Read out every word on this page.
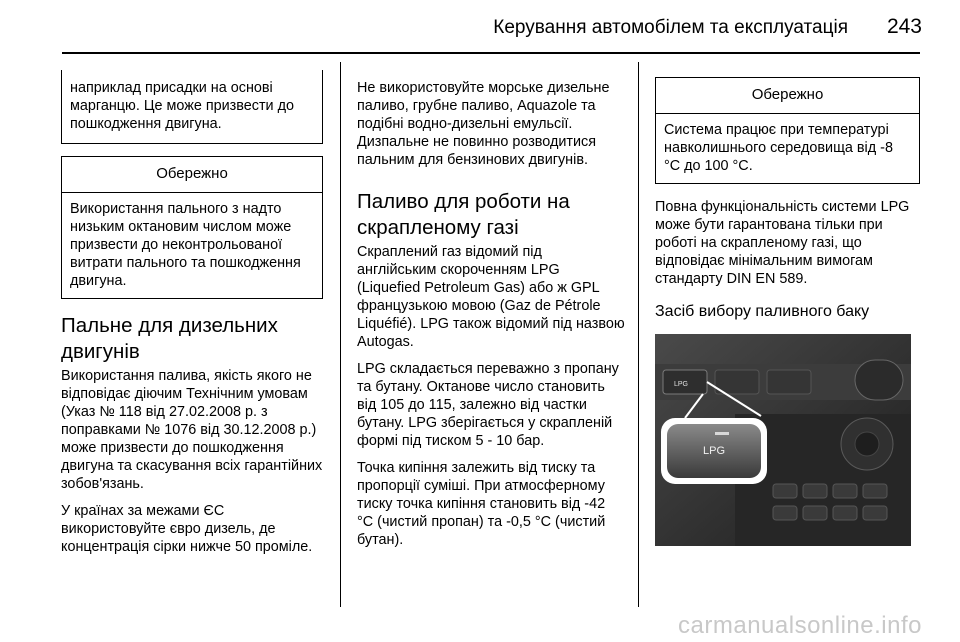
Керування автомобілем та експлуатація 243
наприклад присадки на основі марганцю. Це може призвести до пошкодження двигуна.
Обережно
Використання пального з надто низьким октановим числом може призвести до неконтрольованої витрати пального та пошкодження двигуна.
Пальне для дизельних двигунів

Використання палива, якість якого не відповідає діючим Технічним умовам (Указ № 118 від 27.02.2008 р. з поправками № 1076 від 30.12.2008 р.) може призвести до пошкодження двигуна та скасування всіх гарантійних зобов'язань.

У країнах за межами ЄС використовуйте євро дизель, де концентрація сірки нижче 50 проміле.

Не використовуйте морське дизельне паливо, грубне паливо, Aquazole та подібні водно-дизельні емульсії. Дизпальне не повинно розводитися пальним для бензинових двигунів.

Паливо для роботи на скрапленому газі

Скраплений газ відомий під англійським скороченням LPG (Liquefied Petroleum Gas) або ж GPL французькою мовою (Gaz de Pétrole Liquéfié). LPG також відомий під назвою Autogas.

LPG складається переважно з пропану та бутану. Октанове число становить від 105 до 115, залежно від частки бутану. LPG зберігається у скрапленій формі під тиском 5 - 10 бар.

Точка кипіння залежить від тиску та пропорції суміші. При атмосферному тиску точка кипіння становить від -42 °C (чистий пропан) та -0,5 °C (чистий бутан).

Обережно
Система працює при температурі навколишнього середовища від -8 °C до 100 °C.

Повна функціональність системи LPG може бути гарантована тільки при роботі на скрапленому газі, що відповідає мінімальним вимогам стандарту DIN EN 589.

Засіб вибору паливного баку
LPG
LPG
carmanualsonline.info
